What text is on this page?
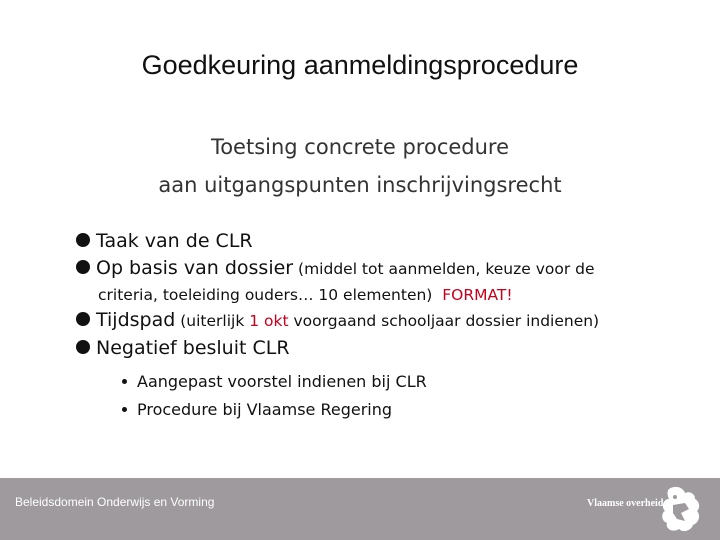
Goedkeuring aanmeldingsprocedure
Toetsing concrete procedure
aan uitgangspunten inschrijvingsrecht
Taak van de CLR
Op basis van dossier (middel tot aanmelden, keuze voor de
criteria, toeleiding ouders… 10 elementen) FORMAT!
Tijdspad (uiterlijk 1 okt voorgaand schooljaar dossier indienen)
Negatief besluit CLR
Aangepast voorstel indienen bij CLR
Procedure bij Vlaamse Regering
Beleidsdomein Onderwijs en Vorming	Vlaamse overheid
